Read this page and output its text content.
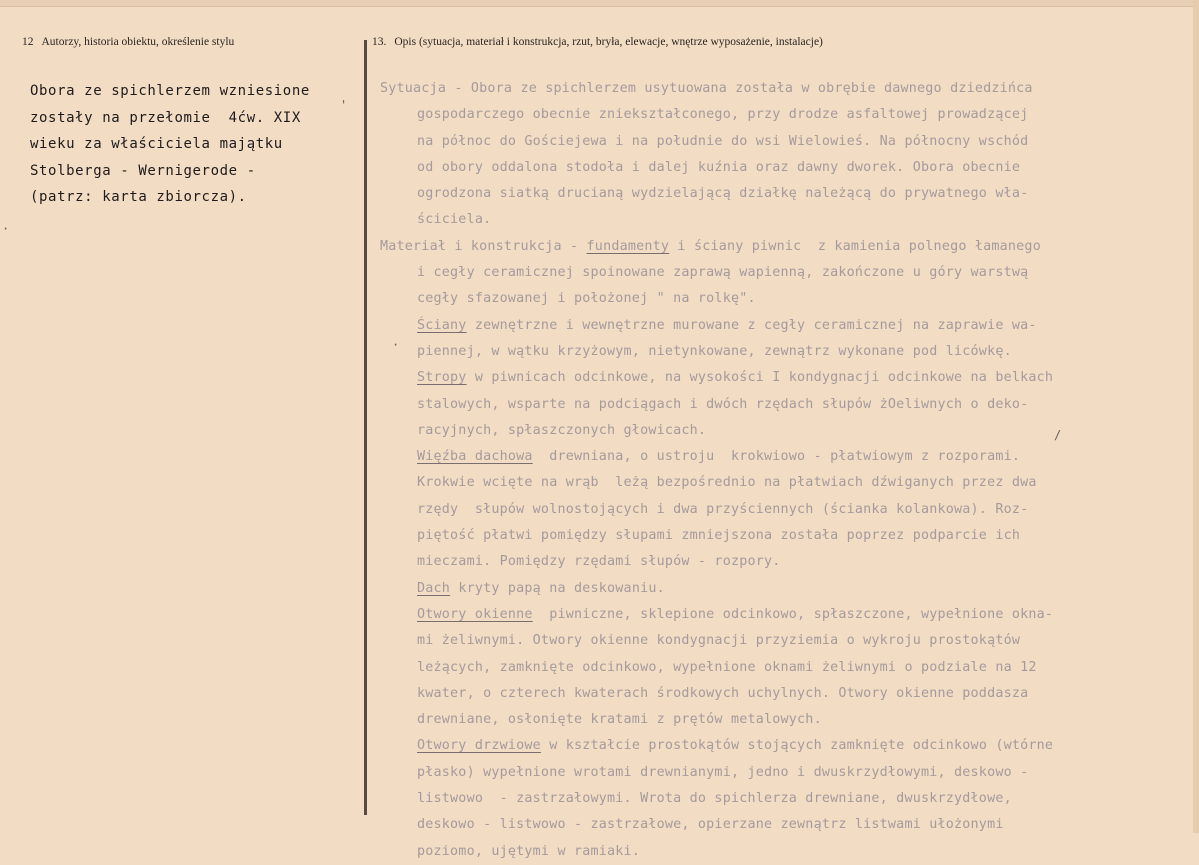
12 Autorzy, historia obiektu, określenie stylu	13. Opis (sytuacja, materiał i konstrukcja, rzut, bryła, elewacje, wnętrze wyposażenie, instalacje)
Obora ze spichlerzem wzniesione
zostały na przełomie  4ćw. XIX
wieku za właściciela majątku
Stolberga - Wernigerode -
(patrz: karta zbiorcza).
Sytuacja - Obora ze spichlerzem usytuowana została w obrębie dawnego dziedzińca
gospodarczego obecnie zniekształconego, przy drodze asfaltowej prowadzącej
na północ do Gościejewa i na południe do wsi Wielowieś. Na północny wschód
od obory oddalona stodoła i dalej kuźnia oraz dawny dworek. Obora obecnie
ogrodzona siatką drucianą wydzielającą działkę należącą do prywatnego wła-
ściciela.
Materiał i konstrukcja - fundamenty i ściany piwnic  z kamienia polnego łamanego
i cegły ceramicznej spoinowane zaprawą wapienną, zakończone u góry warstwą
cegły sfazowanej i położonej " na rolkę".
Ściany zewnętrzne i wewnętrzne murowane z cegły ceramicznej na zaprawie wa-
piennej, w wątku krzyżowym, nietynkowane, zewnątrz wykonane pod licówkę.
Stropy w piwnicach odcinkowe, na wysokości I kondygnacji odcinkowe na belkach
stalowych, wsparte na podciągach i dwóch rzędach słupów żOeliwnych o deko-
racyjnych, spłaszczonych głowicach.
Więźba dachowa  drewniana, o ustroju  krokwiowo - płatwiowym z rozporami.
Krokwie wcięte na wrąb  leżą bezpośrednio na płatwiach dźwiganych przez dwa
rzędy  słupów wolnostojących i dwa przyściennych (ścianka kolankowa). Roz-
piętość płatwi pomiędzy słupami zmniejszona została poprzez podparcie ich
mieczami. Pomiędzy rzędami słupów - rozpory.
Dach kryty papą na deskowaniu.
Otwory okienne  piwniczne, sklepione odcinkowo, spłaszczone, wypełnione okna-
mi żeliwnymi. Otwory okienne kondygnacji przyziemia o wykroju prostokątów
leżących, zamknięte odcinkowo, wypełnione oknami żeliwnymi o podziale na 12
kwater, o czterech kwaterach środkowych uchylnych. Otwory okienne poddasza
drewniane, osłonięte kratami z prętów metalowych.
Otwory drzwiowe w kształcie prostokątów stojących zamknięte odcinkowo (wtórne
płasko) wypełnione wrotami drewnianymi, jedno i dwuskrzydłowymi, deskowo -
listwowo  - zastrzałowymi. Wrota do spichlerza drewniane, dwuskrzydłowe,
deskowo - listwowo - zastrzałowe, opierzane zewnątrz listwami ułożonymi
poziomo, ujętymi w ramiaki.
'
·
/
·
